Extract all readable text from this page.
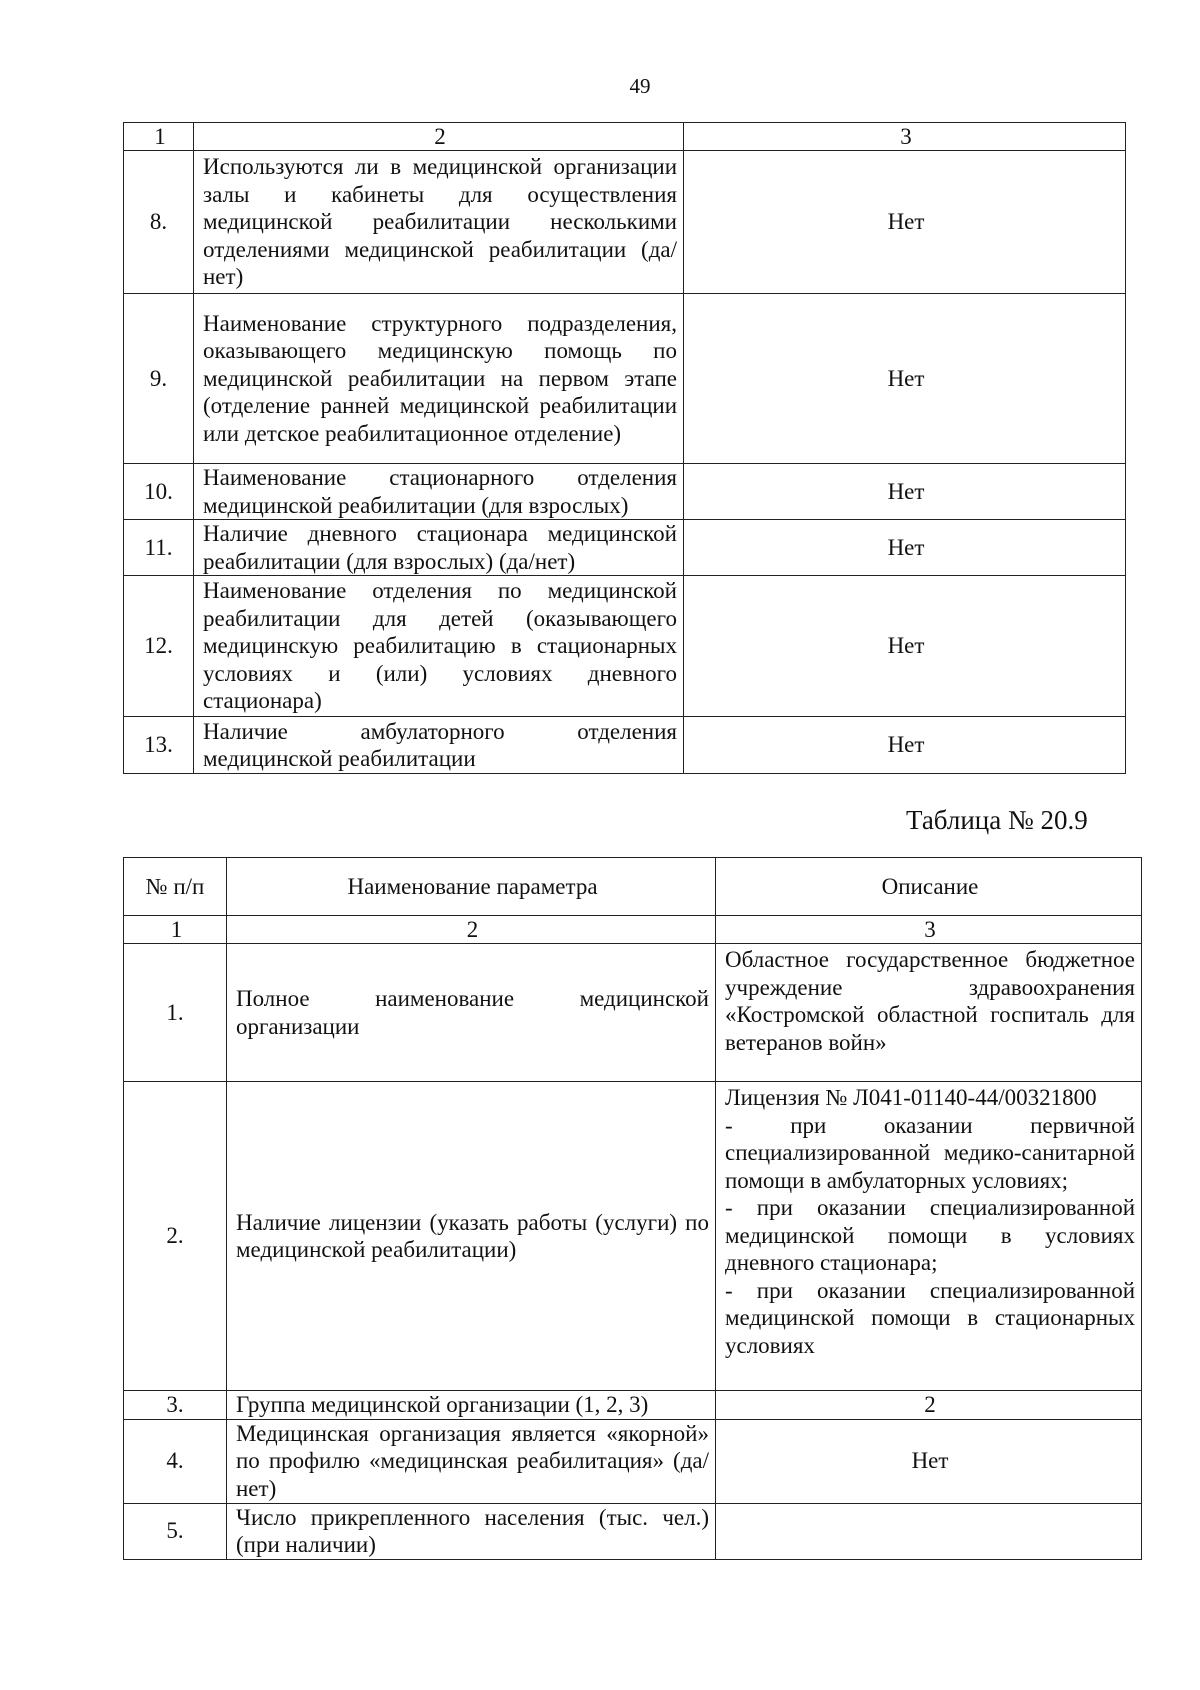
49
1	2	3
8.	Используются ли в медицинской организации залы и кабинеты для осуществления медицинской реабилитации несколькими отделениями медицинской реабилитации (да/нет)	Нет
9.	Наименование структурного подразделения, оказывающего медицинскую помощь по медицинской реабилитации на первом этапе (отделение ранней медицинской реабилитации или детское реабилитационное отделение)	Нет
10.	Наименование стационарного отделения медицинской реабилитации (для взрослых)	Нет
11.	Наличие дневного стационара медицинской реабилитации (для взрослых) (да/нет)	Нет
12.	Наименование отделения по медицинской реабилитации для детей (оказывающего медицинскую реабилитацию в стационарных условиях и (или) условиях дневного стационара)	Нет
13.	Наличие амбулаторного отделения медицинской реабилитации	Нет
Таблица № 20.9
№ п/п	Наименование параметра	Описание
1	2	3
1.	Полное наименование медицинской организации	Областное государственное бюджетное учреждение здравоохранения «Костромской областной госпиталь для ветеранов войн»

2.	Наличие лицензии (указать работы (услуги) по медицинской реабилитации)	Лицензия № Л041-01140-44/00321800
- при оказании первичной специализированной медико-санитарной помощи в амбулаторных условиях;
- при оказании специализированной медицинской помощи в условиях дневного стационара;
- при оказании специализированной медицинской помощи в стационарных условиях

3.	Группа медицинской организации (1, 2, 3)	2
4.	Медицинская организация является «якорной» по профилю «медицинская реабилитация» (да/нет)	Нет
5.	Число прикрепленного населения (тыс. чел.) (при наличии)	
